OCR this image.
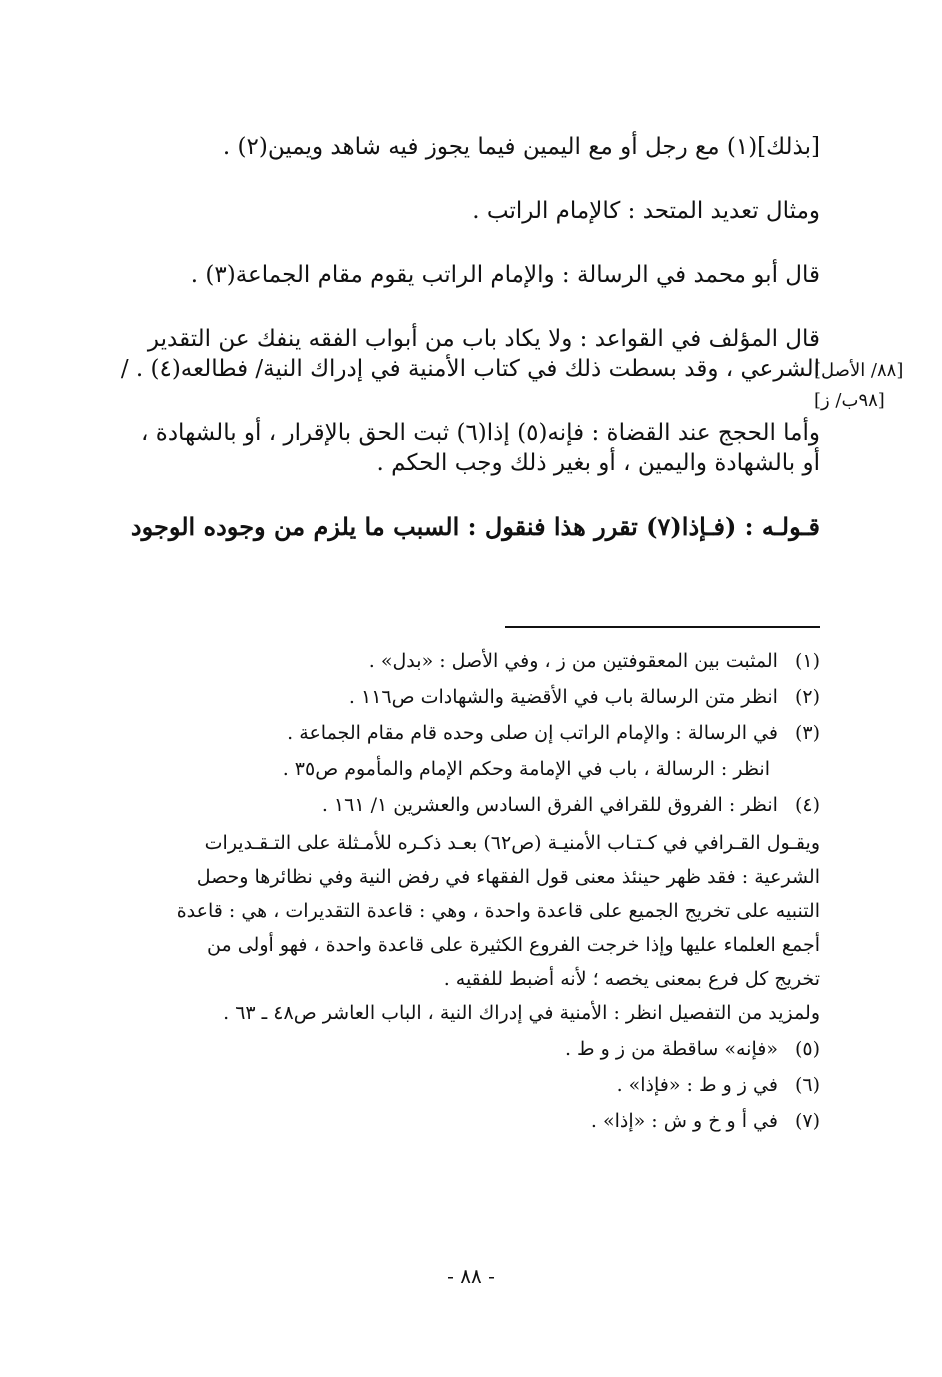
[بذلك](١) مع رجل أو مع اليمين فيما يجوز فيه شاهد ويمين(٢) .

ومثال تعديد المتحد : كالإمام الراتب .

قال أبو محمد في الرسالة : والإمام الراتب يقوم مقام الجماعة(٣) .

قال المؤلف في القواعد : ولا يكاد باب من أبواب الفقه ينفك عن التقدير
الشرعي ، وقد بسطت ذلك في كتاب الأمنية في إدراك النية/ فطالعه(٤) . /

وأما الحجج عند القضاة : فإنه(٥) إذا(٦) ثبت الحق بالإقرار ، أو بالشهادة ،
أو بالشهادة واليمين ، أو بغير ذلك وجب الحكم .

قـولـه : (فـإذا(٧) تقرر هذا فنقول : السبب ما يلزم من وجوده الوجود

[٨٨/ الأصل]
[٩٨ب/ ز]

(١) المثبت بين المعقوفتين من ز ، وفي الأصل : «بدل» .

(٢) انظر متن الرسالة باب في الأقضية والشهادات ص١١٦ .

(٣) في الرسالة : والإمام الراتب إن صلى وحده قام مقام الجماعة .

انظر : الرسالة ، باب في الإمامة وحكم الإمام والمأموم ص٣٥ .

(٤) انظر : الفروق للقرافي الفرق السادس والعشرين ١/ ١٦١ .

ويقـول القـرافي في كـتـاب الأمنيـة (ص٦٢) بعـد ذكـره للأمـثلة على التـقـديرات
الشرعية : فقد ظهر حينئذ معنى قول الفقهاء في رفض النية وفي نظائرها وحصل
التنبيه على تخريج الجميع على قاعدة واحدة ، وهي : قاعدة التقديرات ، هي : قاعدة
أجمع العلماء عليها وإذا خرجت الفروع الكثيرة على قاعدة واحدة ، فهو أولى من
تخريج كل فرع بمعنى يخصه ؛ لأنه أضبط للفقيه .

ولمزيد من التفصيل انظر : الأمنية في إدراك النية ، الباب العاشر ص٤٨ ـ ٦٣ .

(٥) «فإنه» ساقطة من ز و ط .

(٦) في ز و ط : «فإذا» .

(٧) في أ و خ و ش : «إذا» .

- ٨٨ -
